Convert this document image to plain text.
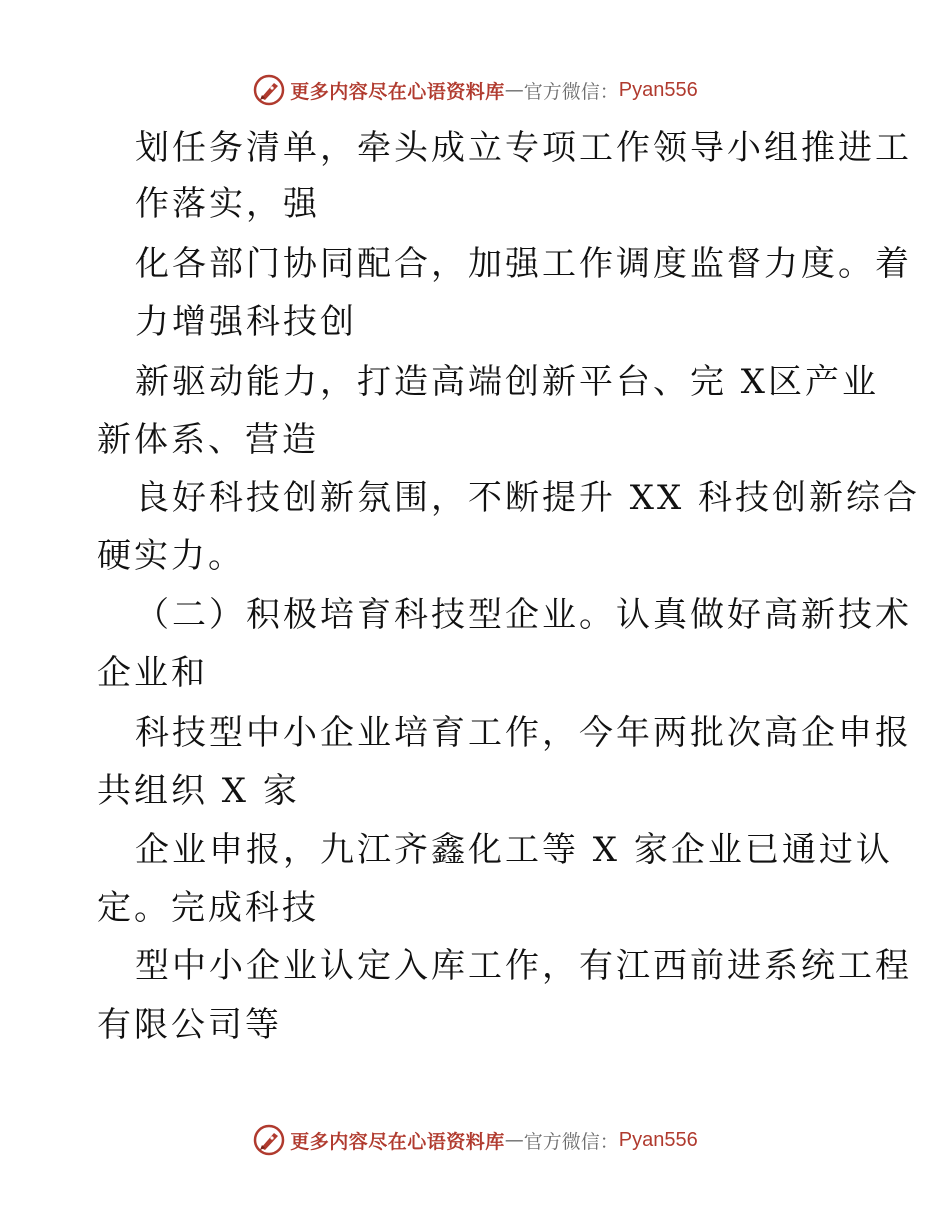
更多内容尽在心语资料库 — 官方微信： Pyan556
划任务清单，牵头成立专项工作领导小组推进工
作落实，强
化各部门协同配合，加强工作调度监督力度。着
力增强科技创
新驱动能力，打造高端创新平台、完 X区产业
新体系、营造
良好科技创新氛围，不断提升 XX 科技创新综合
硬实力。
（二）积极培育科技型企业。认真做好高新技术
企业和
科技型中小企业培育工作，今年两批次高企申报
共组织 X 家
企业申报，九江齐鑫化工等 X 家企业已通过认
定。完成科技
型中小企业认定入库工作，有江西前进系统工程
有限公司等
更多内容尽在心语资料库 — 官方微信： Pyan556
